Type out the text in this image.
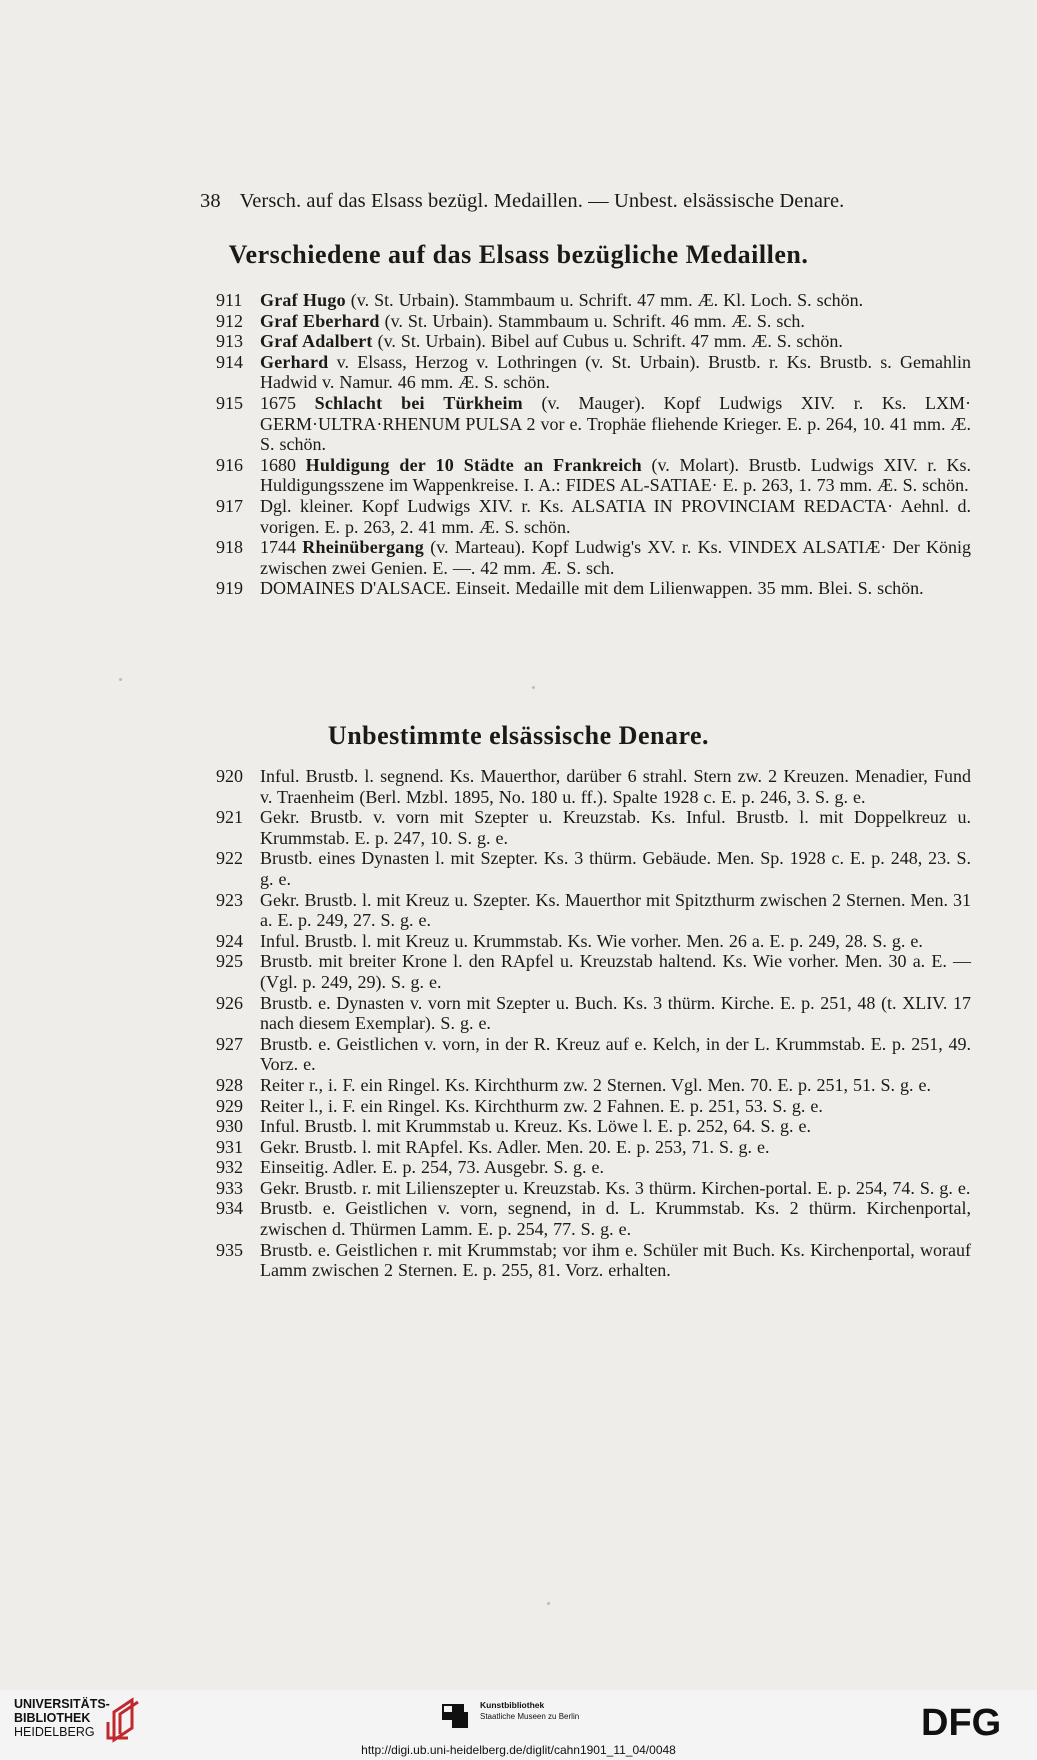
38 Versch. auf das Elsass bezügl. Medaillen. — Unbest. elsässische Denare.
Verschiedene auf das Elsass bezügliche Medaillen.
911 Graf Hugo (v. St. Urbain). Stammbaum u. Schrift. 47 mm. Æ. Kl. Loch. S. schön.
912 Graf Eberhard (v. St. Urbain). Stammbaum u. Schrift. 46 mm. Æ. S. sch.
913 Graf Adalbert (v. St. Urbain). Bibel auf Cubus u. Schrift. 47 mm. Æ. S. schön.
914 Gerhard v. Elsass, Herzog v. Lothringen (v. St. Urbain). Brustb. r. Ks. Brustb. s. Gemahlin Hadwid v. Namur. 46 mm. Æ. S. schön.
915 1675 Schlacht bei Türkheim (v. Mauger). Kopf Ludwigs XIV. r. Ks. LXM· GERM·ULTRA·RHENUM PULSA 2 vor e. Trophäe fliehende Krieger. E. p. 264, 10. 41 mm. Æ. S. schön.
916 1680 Huldigung der 10 Städte an Frankreich (v. Molart). Brustb. Ludwigs XIV. r. Ks. Huldigungsszene im Wappenkreise. I. A.: FIDES AL-SATIAE· E. p. 263, 1. 73 mm. Æ. S. schön.
917 Dgl. kleiner. Kopf Ludwigs XIV. r. Ks. ALSATIA IN PROVINCIAM REDACTA· Aehnl. d. vorigen. E. p. 263, 2. 41 mm. Æ. S. schön.
918 1744 Rheinübergang (v. Marteau). Kopf Ludwig's XV. r. Ks. VINDEX ALSATIÆ· Der König zwischen zwei Genien. E. —. 42 mm. Æ. S. sch.
919 DOMAINES D'ALSACE. Einseit. Medaille mit dem Lilienwappen. 35 mm. Blei. S. schön.
Unbestimmte elsässische Denare.
920 Inful. Brustb. l. segnend. Ks. Mauerthor, darüber 6 strahl. Stern zw. 2 Kreuzen. Menadier, Fund v. Traenheim (Berl. Mzbl. 1895, No. 180 u. ff.). Spalte 1928 c. E. p. 246, 3. S. g. e.
921 Gekr. Brustb. v. vorn mit Szepter u. Kreuzstab. Ks. Inful. Brustb. l. mit Doppelkreuz u. Krummstab. E. p. 247, 10. S. g. e.
922 Brustb. eines Dynasten l. mit Szepter. Ks. 3 thürm. Gebäude. Men. Sp. 1928 c. E. p. 248, 23. S. g. e.
923 Gekr. Brustb. l. mit Kreuz u. Szepter. Ks. Mauerthor mit Spitzthurm zwischen 2 Sternen. Men. 31 a. E. p. 249, 27. S. g. e.
924 Inful. Brustb. l. mit Kreuz u. Krummstab. Ks. Wie vorher. Men. 26 a. E. p. 249, 28. S. g. e.
925 Brustb. mit breiter Krone l. den RApfel u. Kreuzstab haltend. Ks. Wie vorher. Men. 30 a. E. — (Vgl. p. 249, 29). S. g. e.
926 Brustb. e. Dynasten v. vorn mit Szepter u. Buch. Ks. 3 thürm. Kirche. E. p. 251, 48 (t. XLIV. 17 nach diesem Exemplar). S. g. e.
927 Brustb. e. Geistlichen v. vorn, in der R. Kreuz auf e. Kelch, in der L. Krummstab. E. p. 251, 49. Vorz. e.
928 Reiter r., i. F. ein Ringel. Ks. Kirchthurm zw. 2 Sternen. Vgl. Men. 70. E. p. 251, 51. S. g. e.
929 Reiter l., i. F. ein Ringel. Ks. Kirchthurm zw. 2 Fahnen. E. p. 251, 53. S. g. e.
930 Inful. Brustb. l. mit Krummstab u. Kreuz. Ks. Löwe l. E. p. 252, 64. S. g. e.
931 Gekr. Brustb. l. mit RApfel. Ks. Adler. Men. 20. E. p. 253, 71. S. g. e.
932 Einseitig. Adler. E. p. 254, 73. Ausgebr. S. g. e.
933 Gekr. Brustb. r. mit Lilienszepter u. Kreuzstab. Ks. 3 thürm. Kirchen-portal. E. p. 254, 74. S. g. e.
934 Brustb. e. Geistlichen v. vorn, segnend, in d. L. Krummstab. Ks. 2 thürm. Kirchenportal, zwischen d. Thürmen Lamm. E. p. 254, 77. S. g. e.
935 Brustb. e. Geistlichen r. mit Krummstab; vor ihm e. Schüler mit Buch. Ks. Kirchenportal, worauf Lamm zwischen 2 Sternen. E. p. 255, 81. Vorz. erhalten.
UNIVERSITÄTS-
BIBLIOTHEK
HEIDELBERG
Kunstbibliothek
Staatliche Museen zu Berlin	DFG
http://digi.ub.uni-heidelberg.de/diglit/cahn1901_11_04/0048
